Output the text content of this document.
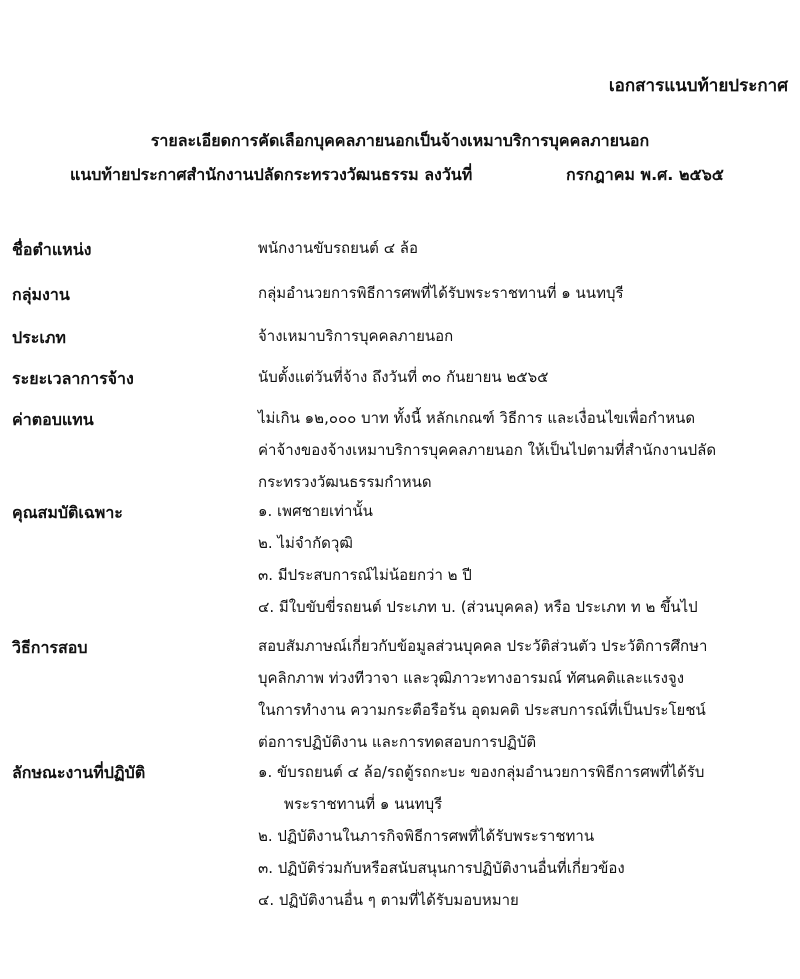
เอกสารแนบท้ายประกาศ
รายละเอียดการคัดเลือกบุคคลภายนอกเป็นจ้างเหมาบริการบุคคลภายนอก
แนบท้ายประกาศสำนักงานปลัดกระทรวงวัฒนธรรม ลงวันที่	กรกฎาคม พ.ศ. ๒๕๖๕
ชื่อตำแหน่ง	พนักงานขับรถยนต์ ๔ ล้อ
กลุ่มงาน	กลุ่มอำนวยการพิธีการศพที่ได้รับพระราชทานที่ ๑ นนทบุรี
ประเภท	จ้างเหมาบริการบุคคลภายนอก
ระยะเวลาการจ้าง	นับตั้งแต่วันที่จ้าง ถึงวันที่ ๓๐ กันยายน ๒๕๖๕
ค่าตอบแทน	ไม่เกิน ๑๒,๐๐๐ บาท ทั้งนี้ หลักเกณฑ์ วิธีการ และเงื่อนไขเพื่อกำหนด
ค่าจ้างของจ้างเหมาบริการบุคคลภายนอก ให้เป็นไปตามที่สำนักงานปลัด
กระทรวงวัฒนธรรมกำหนด
คุณสมบัติเฉพาะ	๑. เพศชายเท่านั้น
๒. ไม่จำกัดวุฒิ
๓. มีประสบการณ์ไม่น้อยกว่า ๒ ปี
๔. มีใบขับขี่รถยนต์ ประเภท บ. (ส่วนบุคคล) หรือ ประเภท ท ๒ ขึ้นไป
วิธีการสอบ	สอบสัมภาษณ์เกี่ยวกับข้อมูลส่วนบุคคล ประวัติส่วนตัว ประวัติการศึกษา
บุคลิกภาพ ท่วงทีวาจา และวุฒิภาวะทางอารมณ์ ทัศนคติและแรงจูง
ในการทำงาน ความกระตือรือร้น อุดมคติ ประสบการณ์ที่เป็นประโยชน์
ต่อการปฏิบัติงาน และการทดสอบการปฏิบัติ
ลักษณะงานที่ปฏิบัติ	๑. ขับรถยนต์ ๔ ล้อ/รถตู้รถกะบะ ของกลุ่มอำนวยการพิธีการศพที่ได้รับ
พระราชทานที่ ๑ นนทบุรี
๒. ปฏิบัติงานในภารกิจพิธีการศพที่ได้รับพระราชทาน
๓. ปฏิบัติร่วมกับหรือสนับสนุนการปฏิบัติงานอื่นที่เกี่ยวข้อง
๔. ปฏิบัติงานอื่น ๆ ตามที่ได้รับมอบหมาย
